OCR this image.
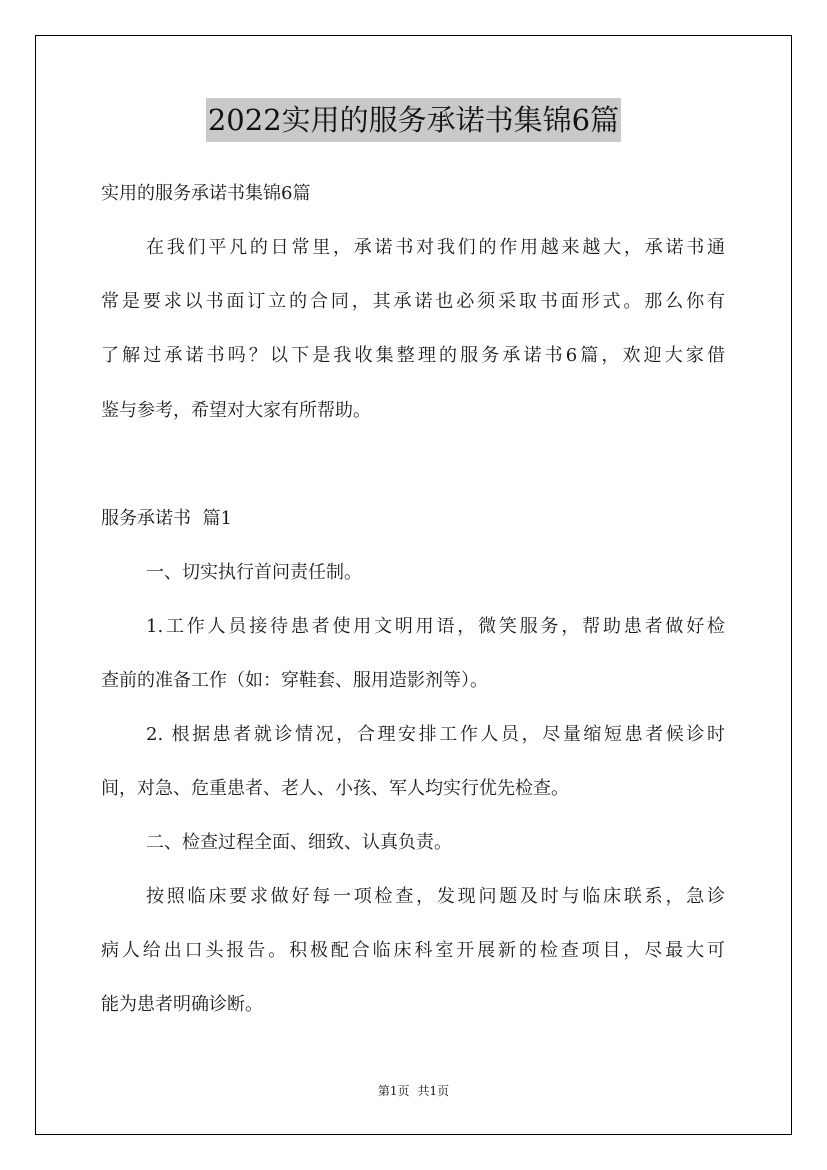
2022实用的服务承诺书集锦6篇
实用的服务承诺书集锦6篇
在我们平凡的日常里，承诺书对我们的作用越来越大，承诺书通
常是要求以书面订立的合同，其承诺也必须采取书面形式。那么你有
了解过承诺书吗？以下是我收集整理的服务承诺书6篇，欢迎大家借
鉴与参考，希望对大家有所帮助。
服务承诺书  篇1
一、切实执行首问责任制。
1.工作人员接待患者使用文明用语，微笑服务，帮助患者做好检
查前的准备工作（如：穿鞋套、服用造影剂等）。
2. 根据患者就诊情况，合理安排工作人员，尽量缩短患者候诊时
间，对急、危重患者、老人、小孩、军人均实行优先检查。
二、检查过程全面、细致、认真负责。
按照临床要求做好每一项检查，发现问题及时与临床联系，急诊
病人给出口头报告。积极配合临床科室开展新的检查项目，尽最大可
能为患者明确诊断。
第1页 共1页
